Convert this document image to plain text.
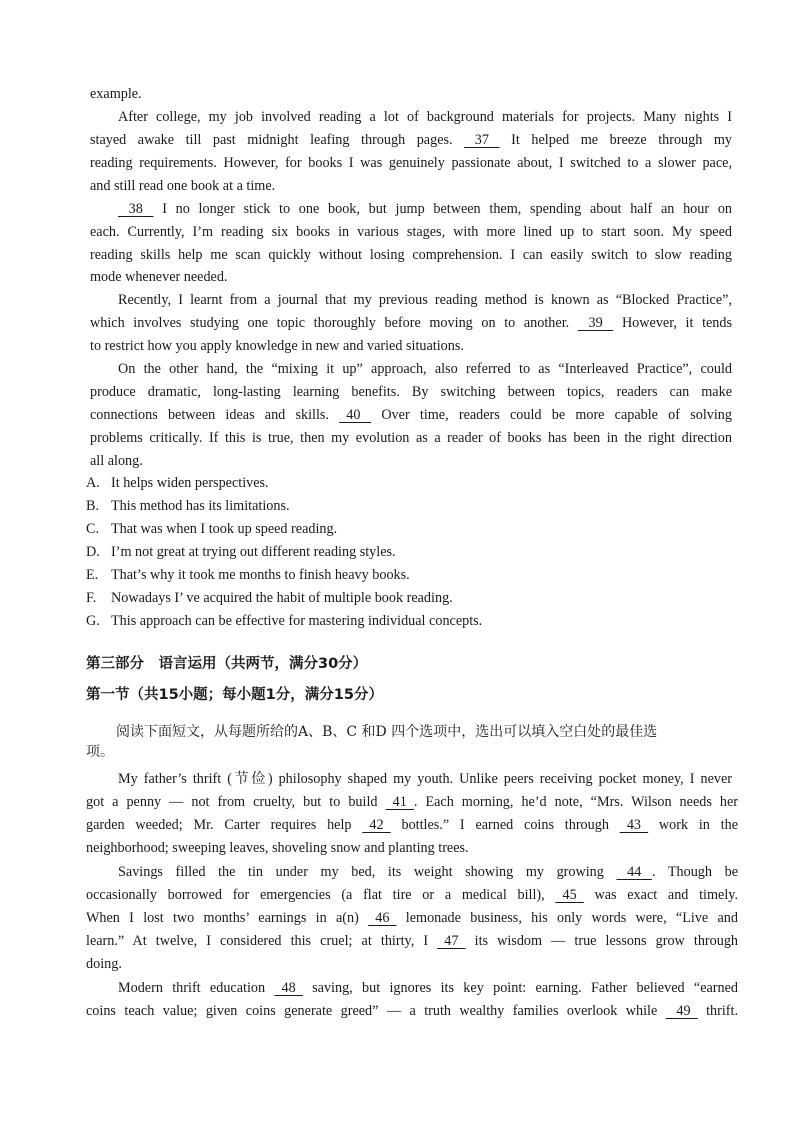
example.
After college, my job involved reading a lot of background materials for projects. Many nights I
stayed awake till past midnight leafing through pages. 37 It helped me breeze through my
reading requirements. However, for books I was genuinely passionate about, I switched to a slower pace,
and still read one book at a time.
38 I no longer stick to one book, but jump between them, spending about half an hour on
each. Currently, I’m reading six books in various stages, with more lined up to start soon. My speed
reading skills help me scan quickly without losing comprehension. I can easily switch to slow reading
mode whenever needed.
Recently, I learnt from a journal that my previous reading method is known as “Blocked Practice”,
which involves studying one topic thoroughly before moving on to another. 39 However, it tends
to restrict how you apply knowledge in new and varied situations.
On the other hand, the “mixing it up” approach, also referred to as “Interleaved Practice”, could
produce dramatic, long-lasting learning benefits. By switching between topics, readers can make
connections between ideas and skills. 40 Over time, readers could be more capable of solving
problems critically. If this is true, then my evolution as a reader of books has been in the right direction
all along.
A. It helps widen perspectives.
B. This method has its limitations.
C. That was when I took up speed reading.
D. I’m not great at trying out different reading styles.
E. That’s why it took me months to finish heavy books.
F. Nowadays I’ ve acquired the habit of multiple book reading.
G. This approach can be effective for mastering individual concepts.
第三部分　语言运用（共两节，满分30分）
第一节（共15小题；每小题1分，满分15分）
阅读下面短文，从每题所给的A、B、C 和D 四个选项中，选出可以填入空白处的最佳选
项。
My father’s thrift (节俭) philosophy shaped my youth. Unlike peers receiving pocket money, I never
got a penny — not from cruelty, but to build 41 . Each morning, he’d note, “Mrs. Wilson needs her
garden weeded; Mr. Carter requires help 42 bottles.” I earned coins through 43 work in the
neighborhood; sweeping leaves, shoveling snow and planting trees.
Savings filled the tin under my bed, its weight showing my growing 44 . Though be
occasionally borrowed for emergencies (a flat tire or a medical bill), 45 was exact and timely.
When I lost two months’ earnings in a(n) 46 lemonade business, his only words were, “Live and
learn.” At twelve, I considered this cruel; at thirty, I 47 its wisdom — true lessons grow through
doing.
Modern thrift education 48 saving, but ignores its key point: earning. Father believed “earned
coins teach value; given coins generate greed” — a truth wealthy families overlook while 49 thrift.
